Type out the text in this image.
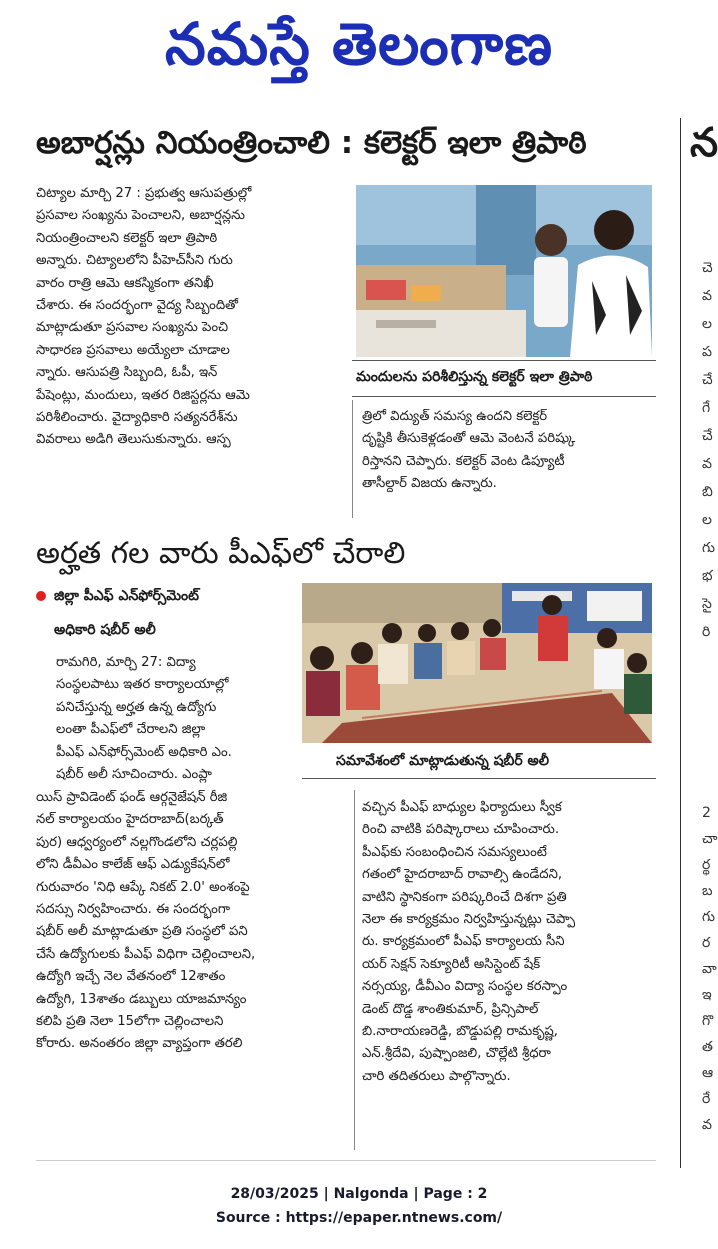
నమస్తే తెలంగాణ
న
చె
వ
ల
ప
చే
గే
చే
వ
బి
ల
గు
భ
సై
రి
2
చా
ర్థ
బ
గు
ర
వా
ఇ
గొ
త
ఆ
రే
వ
అబార్షన్లు నియంత్రించాలి : కలెక్టర్ ఇలా త్రిపాఠి
చిట్యాల మార్చి 27 : ప్రభుత్వ ఆసుపత్రుల్లో
ప్రసవాల సంఖ్యను పెంచాలని, అబార్షన్లను
నియంత్రించాలని కలెక్టర్ ఇలా త్రిపాఠి
అన్నారు. చిట్యాలలోని పీహెచ్‌సీని గురు
వారం రాత్రి ఆమె ఆకస్మికంగా తనిఖీ
చేశారు. ఈ సందర్భంగా వైద్య సిబ్బందితో
మాట్లాడుతూ ప్రసవాల సంఖ్యను పెంచి
సాధారణ ప్రసవాలు అయ్యేలా చూడాల
న్నారు. ఆసుపత్రి సిబ్బంది, ఓపీ, ఇన్
పేషెంట్లు, మందులు, ఇతర రిజిస్టర్లను ఆమె
పరిశీలించారు. వైద్యాధికారి సత్యనరేశ్‌ను
వివరాలు అడిగి తెలుసుకున్నారు. ఆస్ప
మందులను పరిశీలిస్తున్న కలెక్టర్ ఇలా త్రిపాఠి
త్రిలో విద్యుత్ సమస్య ఉందని కలెక్టర్
దృష్టికి తీసుకెళ్లడంతో ఆమె వెంటనే పరిష్కు
రిస్తానని చెప్పారు. కలెక్టర్ వెంట డిప్యూటీ
తాసీల్దార్ విజయ ఉన్నారు.
అర్హత గల వారు పీఎఫ్‌లో చేరాలి
జిల్లా పీఎఫ్ ఎన్‌ఫోర్స్‌మెంట్
అధికారి షబీర్ అలీ
సమావేశంలో మాట్లాడుతున్న షబీర్ అలీ
రామగిరి, మార్చి 27: విద్యా
సంస్థలపాటు ఇతర కార్యాలయాల్లో
పనిచేస్తున్న అర్హత ఉన్న ఉద్యోగు
లంతా పీఎఫ్‌లో చేరాలని జిల్లా
పీఎఫ్ ఎన్‌ఫోర్స్‌మెంట్ అధికారి ఎం.
షబీర్ అలీ సూచించారు. ఎంప్లా
యిస్ ప్రావిడెంట్ ఫండ్ ఆర్గనైజేషన్ రీజి
నల్ కార్యాలయం హైదరాబాద్(బర్కత్
పుర) ఆధ్వర్యంలో నల్లగొండలోని చర్లపల్లి
లోని డీవీఎం కాలేజ్ ఆఫ్ ఎడ్యుకేషన్‌లో
గురువారం 'నిధి ఆప్కే నికట్ 2.0' అంశంపై
సదస్సు నిర్వహించారు. ఈ సందర్భంగా
షబీర్ అలీ మాట్లాడుతూ ప్రతి సంస్థలో పని
చేసే ఉద్యోగులకు పీఎఫ్ విధిగా చెల్లించాలని,
ఉద్యోగి ఇచ్చే నెల వేతనంలో 12శాతం
ఉద్యోగి, 13శాతం డబ్బులు యాజమాన్యం
కలిపి ప్రతి నెలా 15లోగా చెల్లించాలని
కోరారు. అనంతరం జిల్లా వ్యాప్తంగా తరలి
వచ్చిన పీఎఫ్ బాధ్యుల ఫిర్యాదులు స్వీక
రించి వాటికి పరిష్కారాలు చూపించారు.
పీఎఫ్‌కు సంబంధించిన సమస్యలుంటే
గతంలో హైదరాబాద్ రావాల్సి ఉండేదని,
వాటిని స్థానికంగా పరిష్కరించే దిశగా ప్రతి
నెలా ఈ కార్యక్రమం నిర్వహిస్తున్నట్లు చెప్పా
రు. కార్యక్రమంలో పీఎఫ్ కార్యాలయ సీని
యర్ సెక్షన్ సెక్యూరిటీ అసిస్టెంట్ షేక్
నర్సయ్య, డీవీఎం విద్యా సంస్థల కరస్పాం
డెంట్ దొడ్డ శాంతికుమార్, ప్రిన్సిపాల్
బి.నారాయణరెడ్డి, బొడ్డుపల్లి రామకృష్ణ,
ఎన్.శ్రీదేవి, పుష్పాంజలి, చొల్లేటి శ్రీధరా
చారి తదితరులు పాల్గొన్నారు.
28/03/2025 | Nalgonda | Page : 2
Source : https://epaper.ntnews.com/
